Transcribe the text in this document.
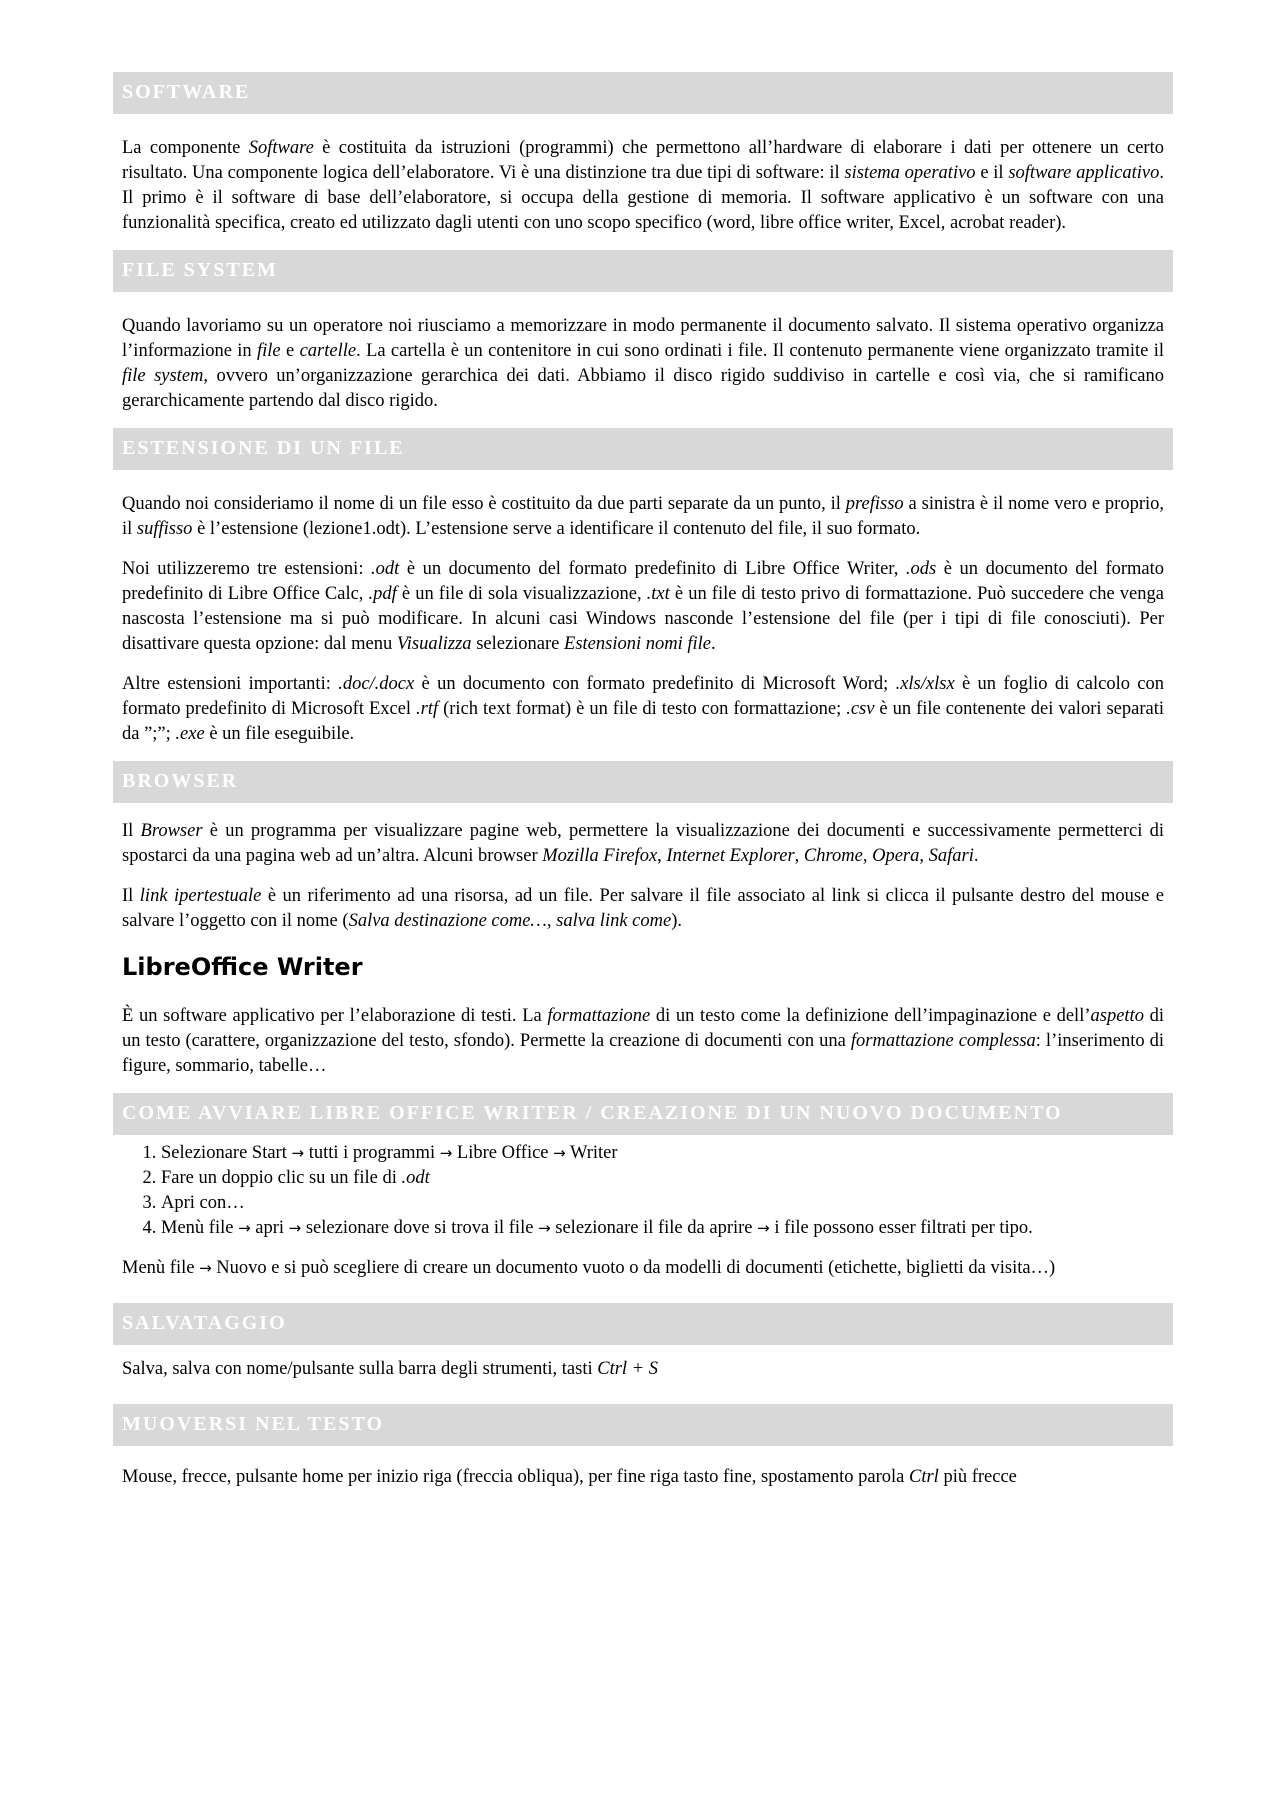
SOFTWARE

La componente Software è costituita da istruzioni (programmi) che permettono all’hardware di elaborare i dati per ottenere un certo risultato. Una componente logica dell’elaboratore. Vi è una distinzione tra due tipi di software: il sistema operativo e il software applicativo. Il primo è il software di base dell’elaboratore, si occupa della gestione di memoria. Il software applicativo è un software con una funzionalità specifica, creato ed utilizzato dagli utenti con uno scopo specifico (word, libre office writer, Excel, acrobat reader).

FILE SYSTEM

Quando lavoriamo su un operatore noi riusciamo a memorizzare in modo permanente il documento salvato. Il sistema operativo organizza l’informazione in file e cartelle. La cartella è un contenitore in cui sono ordinati i file. Il contenuto permanente viene organizzato tramite il file system, ovvero un’organizzazione gerarchica dei dati. Abbiamo il disco rigido suddiviso in cartelle e così via, che si ramificano gerarchicamente partendo dal disco rigido.

ESTENSIONE DI UN FILE

Quando noi consideriamo il nome di un file esso è costituito da due parti separate da un punto, il prefisso a sinistra è il nome vero e proprio, il suffisso è l’estensione (lezione1.odt). L’estensione serve a identificare il contenuto del file, il suo formato.

Noi utilizzeremo tre estensioni: .odt è un documento del formato predefinito di Libre Office Writer, .ods è un documento del formato predefinito di Libre Office Calc, .pdf è un file di sola visualizzazione, .txt è un file di testo privo di formattazione. Può succedere che venga nascosta l’estensione ma si può modificare. In alcuni casi Windows nasconde l’estensione del file (per i tipi di file conosciuti). Per disattivare questa opzione: dal menu Visualizza selezionare Estensioni nomi file.

Altre estensioni importanti: .doc/.docx è un documento con formato predefinito di Microsoft Word; .xls/xlsx è un foglio di calcolo con formato predefinito di Microsoft Excel .rtf (rich text format) è un file di testo con formattazione; .csv è un file contenente dei valori separati da ”;”; .exe è un file eseguibile.

BROWSER

Il Browser è un programma per visualizzare pagine web, permettere la visualizzazione dei documenti e successivamente permetterci di spostarci da una pagina web ad un’altra. Alcuni browser Mozilla Firefox, Internet Explorer, Chrome, Opera, Safari.

Il link ipertestuale è un riferimento ad una risorsa, ad un file. Per salvare il file associato al link si clicca il pulsante destro del mouse e salvare l’oggetto con il nome (Salva destinazione come…, salva link come).

LibreOffice Writer

È un software applicativo per l’elaborazione di testi. La formattazione di un testo come la definizione dell’impaginazione e dell’aspetto di un testo (carattere, organizzazione del testo, sfondo). Permette la creazione di documenti con una formattazione complessa: l’inserimento di figure, sommario, tabelle…

COME AVVIARE LIBRE OFFICE WRITER / CREAZIONE DI UN NUOVO DOCUMENTO
1. Selezionare Start → tutti i programmi → Libre Office → Writer
2. Fare un doppio clic su un file di .odt
3. Apri con…
4. Menù file → apri → selezionare dove si trova il file → selezionare il file da aprire → i file possono esser filtrati per tipo.

Menù file → Nuovo e si può scegliere di creare un documento vuoto o da modelli di documenti (etichette, biglietti da visita…)

SALVATAGGIO

Salva, salva con nome/pulsante sulla barra degli strumenti, tasti Ctrl + S

MUOVERSI NEL TESTO

Mouse, frecce, pulsante home per inizio riga (freccia obliqua), per fine riga tasto fine, spostamento parola Ctrl più frecce
